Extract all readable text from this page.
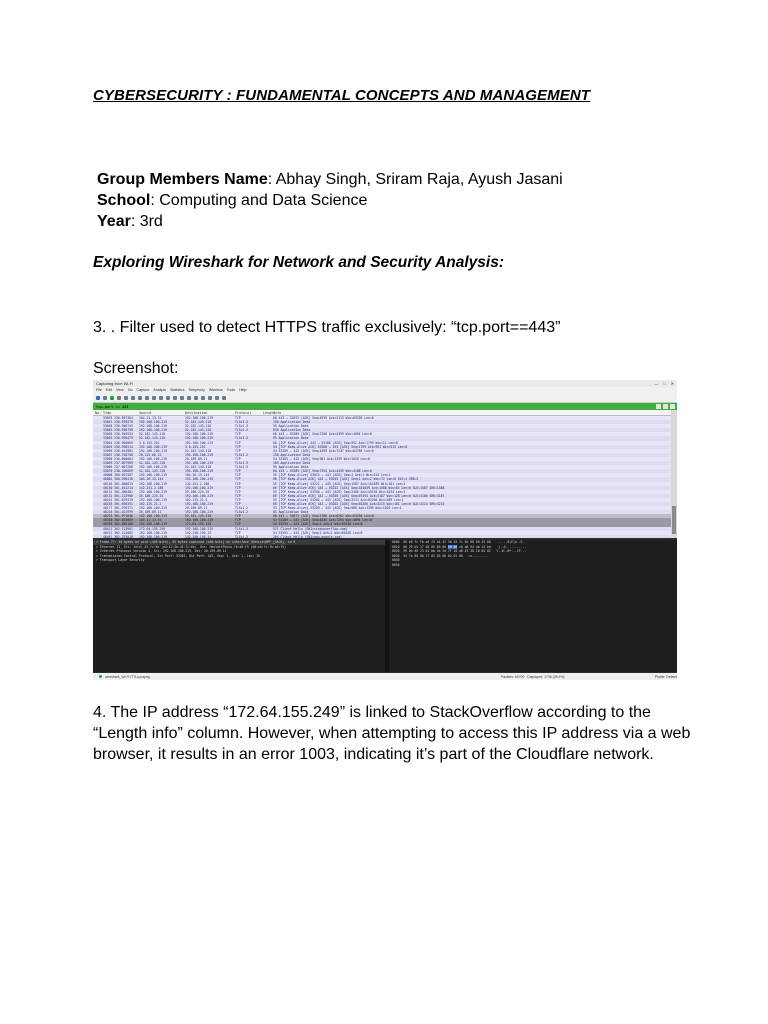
CYBERSECURITY : FUNDAMENTAL CONCEPTS AND MANAGEMENT
Group Members Name: Abhay Singh, Sriram Raja, Ayush Jasani
School: Computing and Data Science
Year: 3rd
Exploring Wireshark for Network and Security Analysis:
3. . Filter used to detect HTTPS traffic exclusively: “tcp.port==443”
Screenshot:
Capturing from Wi-Fi	— □ ✕
File Edit View Go Capture Analyze Statistics Telephony Wireless Tools Help
tcp.port == 443
No. Time	Source	Destination	Protocol	Length
Info
33033 236.897364	104.21.13.31	192.168.100.219	TCP	66 443 → 52873 [ACK] Seq=4939 Ack=2113 Win=65536 Len=0
33047 236.939579	192.168.100.219	52.182.143.210	TLSv1.3	150 Application Data
33048 236.940745	192.168.100.219	52.182.143.210	TLSv1.3	95 Application Data
33049 236.940758	192.168.100.219	52.182.143.210	TLSv1.3	830 Application Data
33050 236.940934	52.182.143.210	192.168.100.219	TCP	66 443 → 53289 [ACK] Seq=7206 Ack=4399 Win=4094 Len=0
33053 236.958479	52.182.143.210	192.168.100.219	TLSv1.3	95 Application Data
33054 236.960069	3.6.153.251	192.168.100.219	TCP	60 [TCP Keep-Alive] 443 → 53188 [ACK] Seq=952 Ack=1799 Win=11 Len=0
33055 236.990214	192.168.100.219	3.6.153.251	TCP	54 [TCP Keep-Alive ACK] 53188 → 443 [ACK] Seq=1799 Ack=953 Win=513 Len=0
33056 236.614981	192.168.100.219	52.182.143.210	TCP	54 53289 → 443 [ACK] Seq=4399 Ack=7247 Win=64768 Len=0
33057 236.758758	20.125.66.12	192.168.100.219	TLSv1.2	158 Application Data
33058 236.800064	192.168.100.219	20.189.89.11	TCP	54 53283 → 443 [ACK] Seq=981 Ack=1399 Win=1026 Len=0
33059 237.007989	52.182.143.210	192.168.100.219	TLSv1.3	103 Application Data
33066 237.007266	192.168.100.219	52.182.143.210	TLSv1.3	99 Application Data
33070 238.106669	52.182.143.210	192.168.100.219	TCP	60 443 → 53289 [ACK] Seq=7294 Ack=4435 Win=4108 Len=0
40008 300.691307	192.168.100.219	104.26.15.144	TCP	55 [TCP Keep-Alive] 53015 → 443 [ACK] Seq=1 Ack=1 Win=514 Len=1
40081 300.596418	104.26.15.144	192.168.100.219	TCP	66 [TCP Keep-Alive ACK] 443 → 53015 [ACK] Seq=1 Ack=2 Win=72 Len=0 SLE=1 SRE=2
40146 301.088013	192.168.100.219	142.251.2.188	TCP	55 [TCP Keep-Alive] 53222 → 443 [ACK] Seq=1587 Ack=101039 Win=101 Len=1
40150 301.451214	142.251.2.188	192.168.100.219	TCP	66 [TCP Keep-Alive ACK] 443 → 53222 [ACK] Seq=101039 Ack=1588 Win=65 Len=0 SLE=1587 SRE=1588
48131 301.386401	192.168.100.219	35.186.224.25	TCP	55 [TCP Keep-Alive] 53356 → 443 [ACK] Seq=3186 Ack=49194 Win=1024 Len=1
48132 301.212906	35.186.224.25	192.168.100.219	TCP	66 [TCP Keep-Alive ACK] 443 → 53356 [ACK] Seq=49194 Ack=3187 Win=128 Len=0 SLE=3186 SRE=3187
48161 301.629319	192.168.100.219	162.125.21.2	TCP	55 [TCP Keep-Alive] 53202 → 443 [ACK] Seq=3214 Ack=65266 Win=509 Len=1
48163 301.698351	162.125.21.2	192.168.100.219	TCP	66 [TCP Keep-Alive ACK] 443 → 53202 [ACK] Seq=65266 Ack=3215 Win=101 Len=0 SLE=3214 SRE=3215
48177 301.976371	192.168.100.219	20.189.89.11	TLSv1.2	93 [TCP Keep-Alive] 53283 → 443 [ACK] Seq=980 Ack=1399 Win=1026 Len=1
48218 301.021999	20.189.89.11	192.168.100.219	TLSv1.2	85 Application Data
48253 301.971846	192.168.100.219	52.182.143.210	TCP	60 443 → 53872 [ACK] Seq=2786 Ack=6262 Win=65536 Len=0
48318 302.053089	104.21.13.31	192.168.100.219	TCP	54 53289 → 443 [ACK] Seq=4435 Ack=7294 Win=4094 Len=0
48393 302.089108	192.168.100.219	172.64.155.249	TCP	54 53294 → 443 [ACK] Seq=1 Ack=1 Win=65536 Len=0
48411 302.123901	172.64.155.249	192.168.100.219	TLSv1.3	571 Client Hello (SNI=stackoverflow.com)
48412 302.124002	192.168.100.219	142.250.195.14	TCP	54 53291 → 443 [ACK] Seq=1 Ack=1 Win=65536 Len=0
48467 302.233018	192.168.100.219	142.250.195.14	TLSv1.3	264 Client Hello (SNI=www.google.com)
> Frame 77: 55 bytes on wire (440 bits), 55 bytes captured (440 bits) on interface \Device\NPF_{3AC8}, id 0
> Ethernet II, Src: Intel_45:7c:6e (a4:42:3b:45:7c:6e), Dst: HewlettPacka_fb:a6:f5 (00:e0:fc:fb:a6:f5)
> Internet Protocol Version 4, Src: 192.168.100.219, Dst: 20.189.89.11
> Transmission Control Protocol, Src Port: 53283, Dst Port: 443, Seq: 1, Ack: 1, Len: 15
> Transport Layer Security
0000 00 e0 fc fb a6 f5 a4 42 3b 45 7c 6e 08 00 45 00 ......B;E|n..E.
0010 00 29 b5 17 40 00 80 06 00 00 c0 a8 64 db 14 bd .)..@...........
0020 59 0b d0 23 01 bb 4e 2a 7f 10 a8 43 50 18 04 02 Y..#..N*...CP...
0030 3d 7a 00 00 17 03 03 00 02 01 00 =z.........
0040
0050
wireshark_Wi-Fi1T7U.pcapng	Packets: 60700 · Displayed: 1736 (28.2%)	Profile: Default
4. The IP address “172.64.155.249” is linked to StackOverflow according to the “Length info” column. However, when attempting to access this IP address via a web browser, it results in an error 1003, indicating it’s part of the Cloudflare network.
